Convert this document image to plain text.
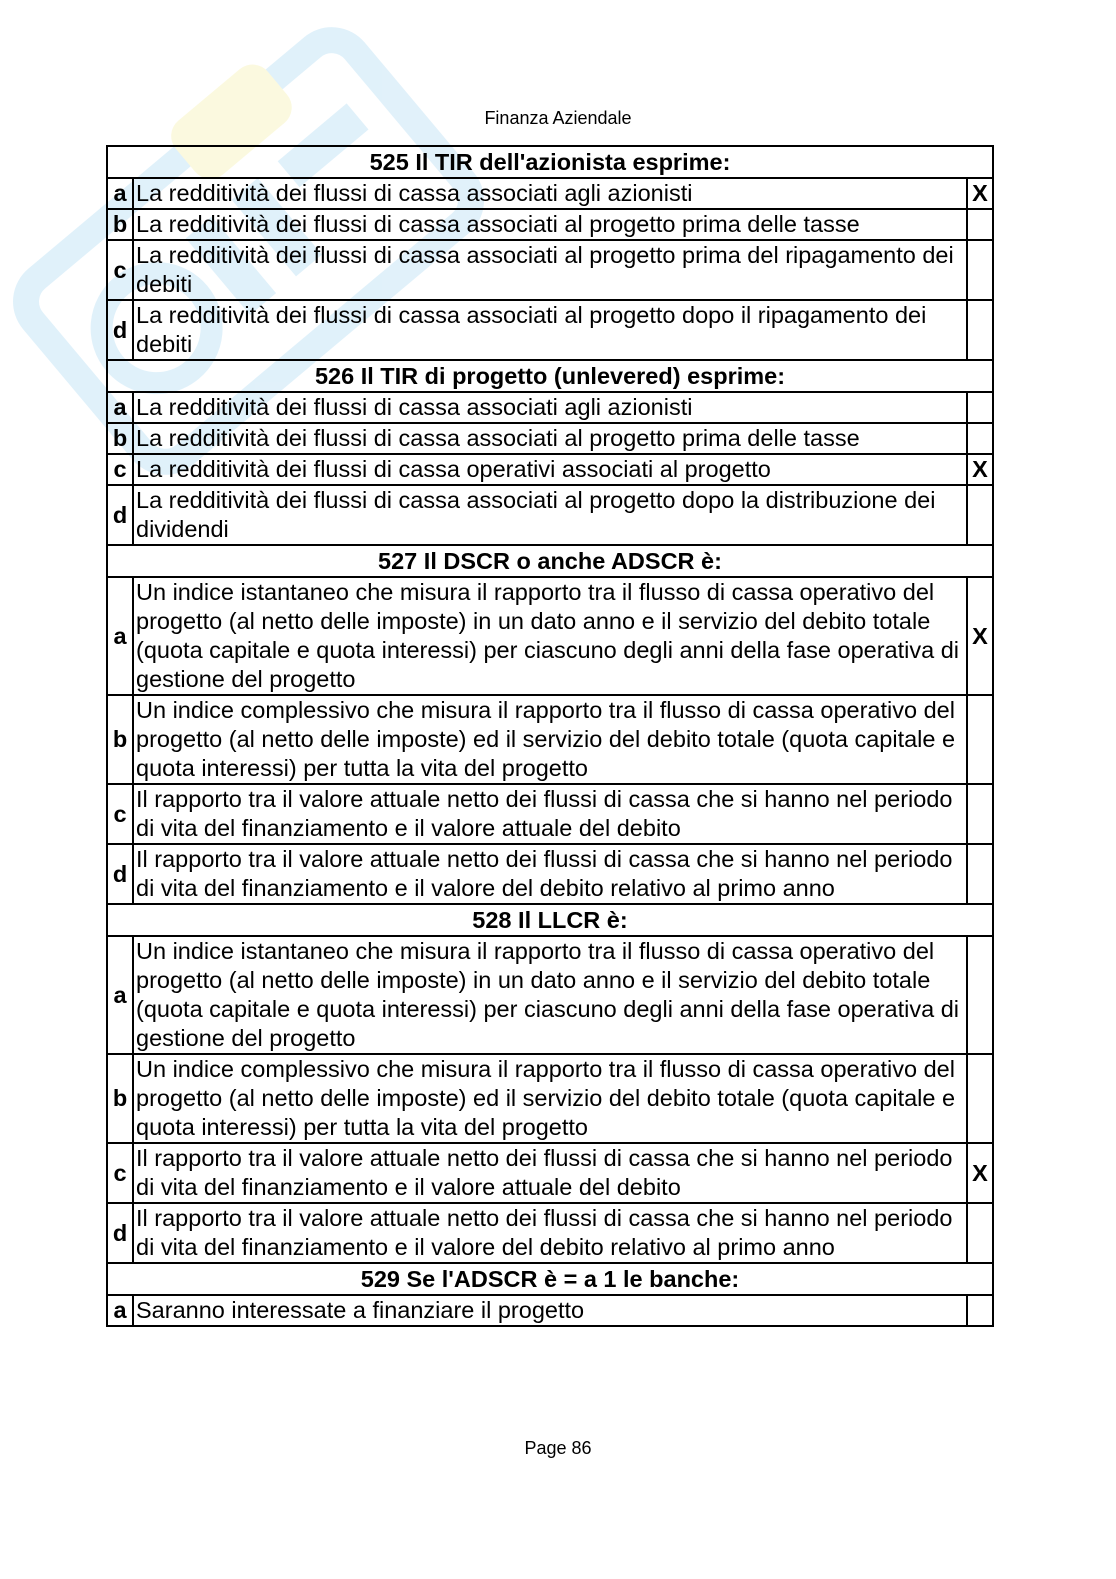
Finanza Aziendale
525 Il TIR dell'azionista esprime:		
a	La redditività dei flussi di cassa associati agli azionisti	X
b	La redditività dei flussi di cassa associati al progetto prima delle tasse	
c	La redditività dei flussi di cassa associati al progetto prima del ripagamento dei debiti	
d	La redditività dei flussi di cassa associati al progetto dopo il ripagamento dei debiti	
526 Il TIR di progetto (unlevered) esprime:		
a	La redditività dei flussi di cassa associati agli azionisti	
b	La redditività dei flussi di cassa associati al progetto prima delle tasse	
c	La redditività dei flussi di cassa operativi associati al progetto	X
d	La redditività dei flussi di cassa associati al progetto dopo la distribuzione dei dividendi	
527 Il DSCR o anche ADSCR è:		
a	Un indice istantaneo che misura il rapporto tra il flusso di cassa operativo del progetto (al netto delle imposte) in un dato anno e il servizio del debito totale (quota capitale e quota interessi) per ciascuno degli anni della fase operativa di gestione del progetto	X
b	Un indice complessivo che misura il rapporto tra il flusso di cassa operativo del progetto (al netto delle imposte) ed il servizio del debito totale (quota capitale e quota interessi) per tutta la vita del progetto	
c	Il rapporto tra il valore attuale netto dei flussi di cassa che si hanno nel periodo di vita del finanziamento e il valore attuale del debito	
d	Il rapporto tra il valore attuale netto dei flussi di cassa che si hanno nel periodo di vita del finanziamento e il valore del debito relativo al primo anno	
528 Il LLCR è:		
a	Un indice istantaneo che misura il rapporto tra il flusso di cassa operativo del progetto (al netto delle imposte) in un dato anno e il servizio del debito totale (quota capitale e quota interessi) per ciascuno degli anni della fase operativa di gestione del progetto	
b	Un indice complessivo che misura il rapporto tra il flusso di cassa operativo del progetto (al netto delle imposte) ed il servizio del debito totale (quota capitale e quota interessi) per tutta la vita del progetto	
c	Il rapporto tra il valore attuale netto dei flussi di cassa che si hanno nel periodo di vita del finanziamento e il valore attuale del debito	X
d	Il rapporto tra il valore attuale netto dei flussi di cassa che si hanno nel periodo di vita del finanziamento e il valore del debito relativo al primo anno	
529 Se l'ADSCR è = a 1 le banche:		
a	Saranno interessate a finanziare il progetto	
Page 86
